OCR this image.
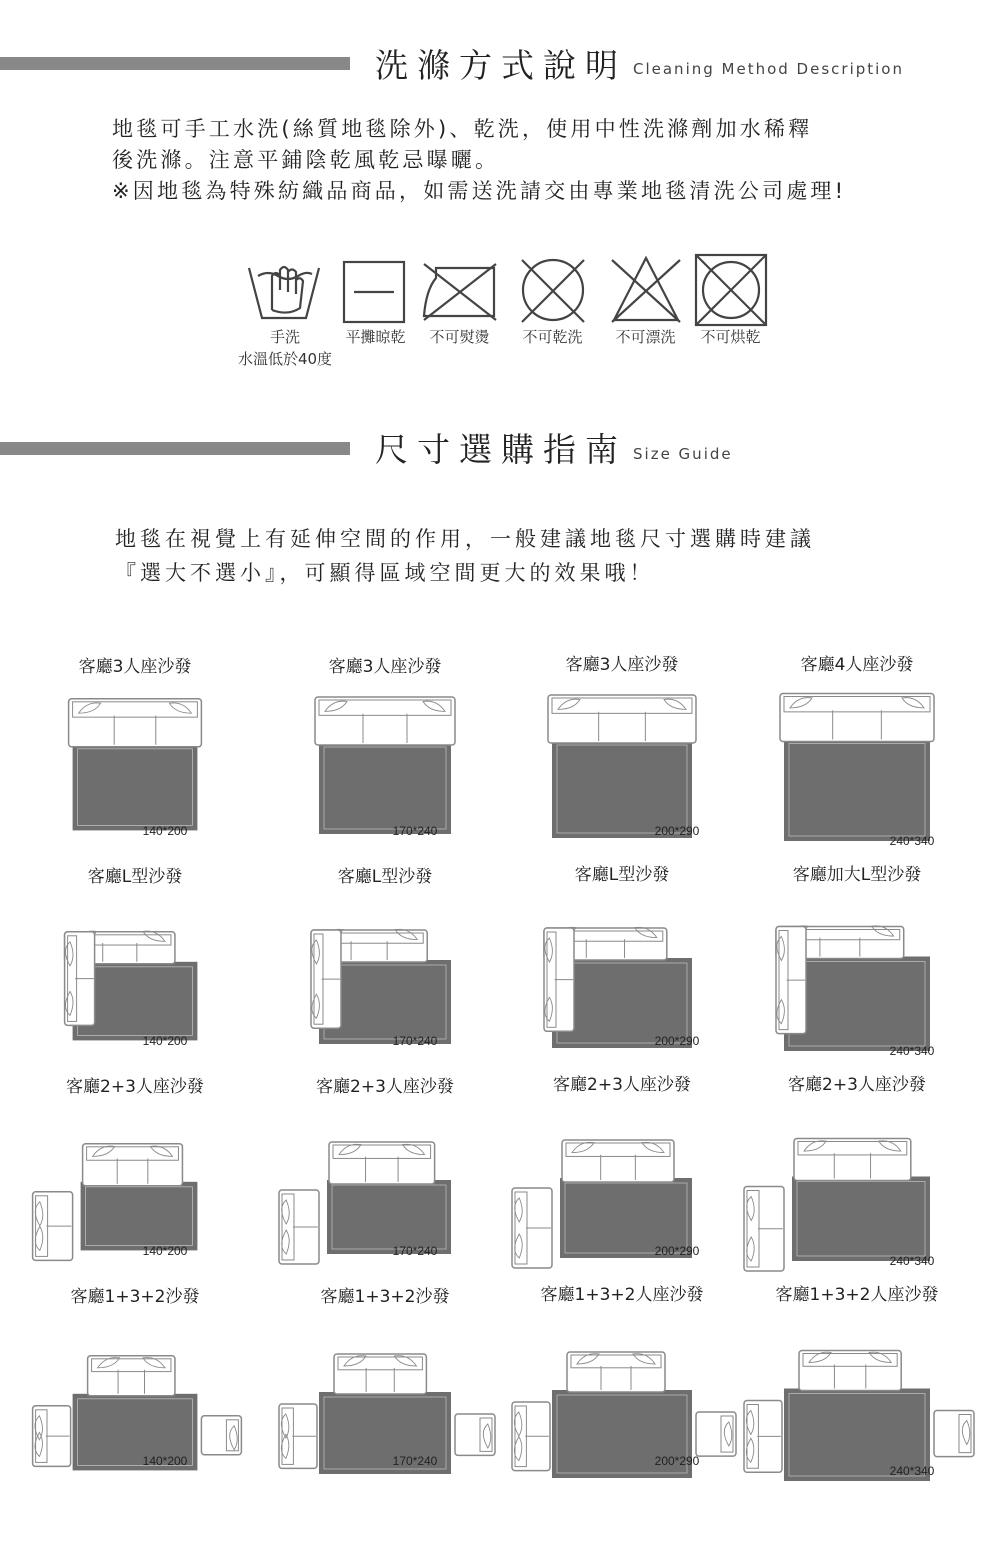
洗滌方式說明 Cleaning Method Description
地毯可手工水洗(絲質地毯除外)、乾洗，使用中性洗滌劑加水稀釋
後洗滌。注意平鋪陰乾風乾忌曝曬。
※因地毯為特殊紡織品商品，如需送洗請交由專業地毯清洗公司處理!
手洗
水溫低於40度
平攤晾乾	不可熨燙	不可乾洗	不可漂洗	不可烘乾
尺寸選購指南 Size Guide
地毯在視覺上有延伸空間的作用，一般建議地毯尺寸選購時建議
『選大不選小』，可顯得區域空間更大的效果哦！
客廳3人座沙發
140*200
客廳3人座沙發
170*240
客廳3人座沙發
200*290
客廳4人座沙發
240*340
客廳L型沙發
140*200
客廳L型沙發
170*240
客廳L型沙發
200*290
客廳加大L型沙發
240*340
客廳2+3人座沙發
140*200
客廳2+3人座沙發
170*240
客廳2+3人座沙發
200*290
客廳2+3人座沙發
240*340
客廳1+3+2沙發
140*200
客廳1+3+2沙發
170*240
客廳1+3+2人座沙發
200*290
客廳1+3+2人座沙發
240*340
